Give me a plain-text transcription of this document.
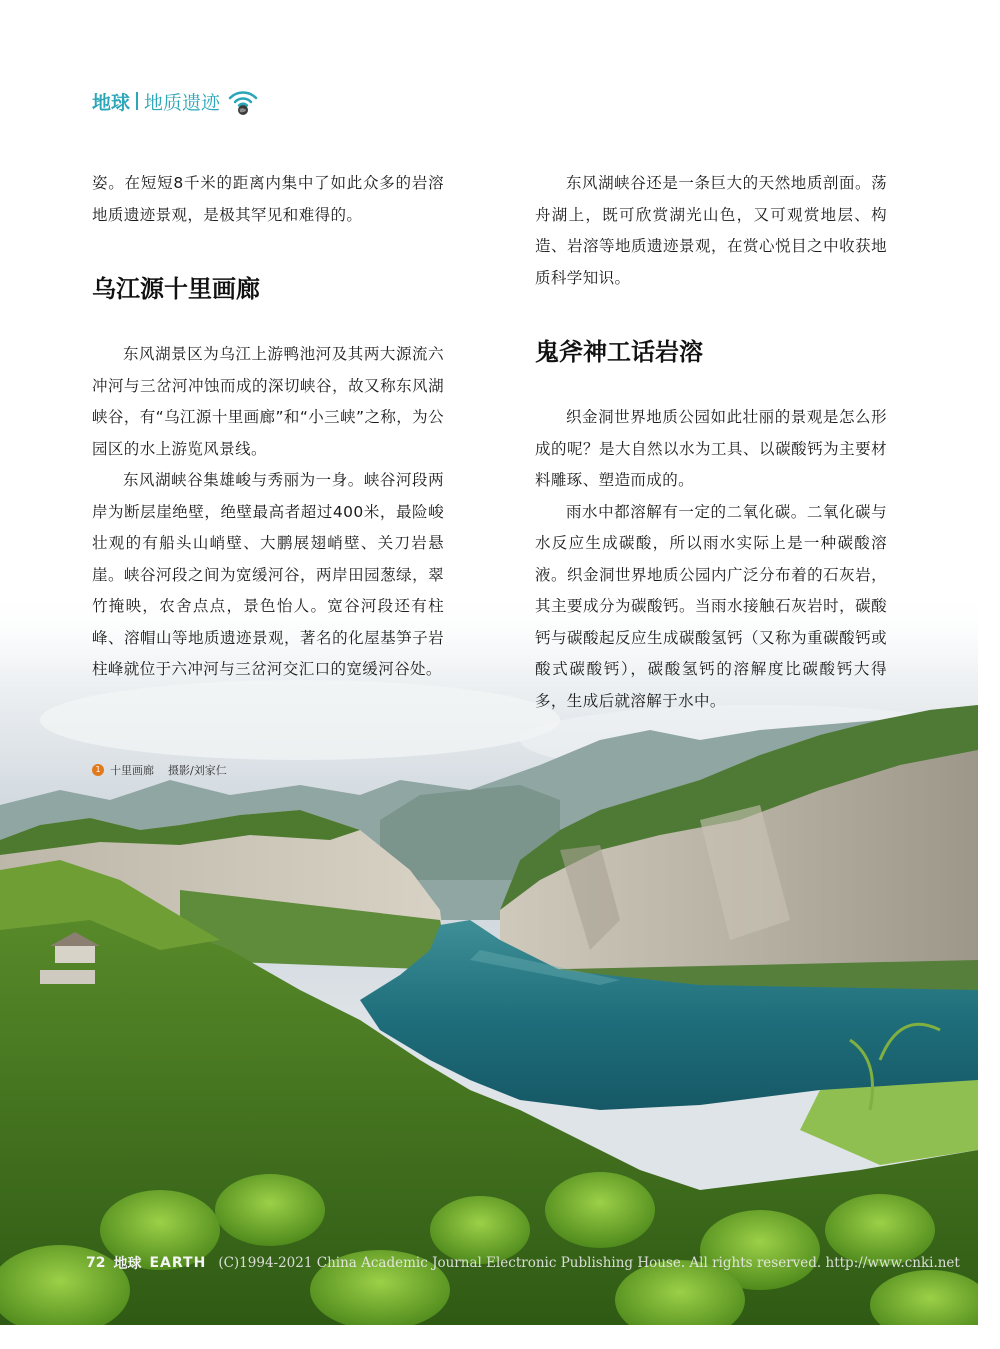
地球 地质遗迹

姿。在短短8千米的距离内集中了如此众多的岩溶地质遗迹景观，是极其罕见和难得的。

乌江源十里画廊

东风湖景区为乌江上游鸭池河及其两大源流六冲河与三岔河冲蚀而成的深切峡谷，故又称东风湖峡谷，有“乌江源十里画廊”和“小三峡”之称，为公园区的水上游览风景线。

东风湖峡谷集雄峻与秀丽为一身。峡谷河段两岸为断层崖绝壁，绝壁最高者超过400米，最险峻壮观的有船头山峭壁、大鹏展翅峭壁、关刀岩悬崖。峡谷河段之间为宽缓河谷，两岸田园葱绿，翠竹掩映，农舍点点，景色怡人。宽谷河段还有柱峰、溶帽山等地质遗迹景观，著名的化屋基笋子岩柱峰就位于六冲河与三岔河交汇口的宽缓河谷处。

东风湖峡谷还是一条巨大的天然地质剖面。荡舟湖上，既可欣赏湖光山色，又可观赏地层、构造、岩溶等地质遗迹景观，在赏心悦目之中收获地质科学知识。

鬼斧神工话岩溶

织金洞世界地质公园如此壮丽的景观是怎么形成的呢？是大自然以水为工具、以碳酸钙为主要材料雕琢、塑造而成的。

雨水中都溶解有一定的二氧化碳。二氧化碳与水反应生成碳酸，所以雨水实际上是一种碳酸溶液。织金洞世界地质公园内广泛分布着的石灰岩，其主要成分为碳酸钙。当雨水接触石灰岩时，碳酸钙与碳酸起反应生成碳酸氢钙（又称为重碳酸钙或酸式碳酸钙），碳酸氢钙的溶解度比碳酸钙大得多，生成后就溶解于水中。

1 十里画廊 摄影/刘家仁
72 地球 EARTH (C)1994-2021 China Academic Journal Electronic Publishing House. All rights reserved. http://www.cnki.net
